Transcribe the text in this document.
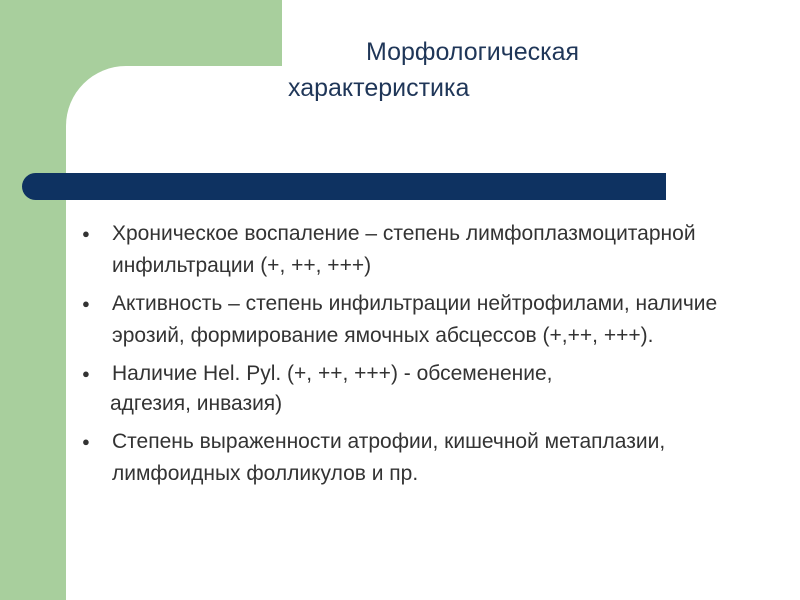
Морфологическая
характеристика
● Хроническое воспаление – степень лимфоплазмоцитарной инфильтрации (+, ++, +++)
● Активность – степень инфильтрации нейтрофилами, наличие эрозий, формирование ямочных абсцессов (+,++, +++).
● Наличие Hel. Pyl. (+, ++, +++) - обсеменение,
адгезия, инвазия)
● Степень выраженности атрофии, кишечной метаплазии, лимфоидных фолликулов и пр.
